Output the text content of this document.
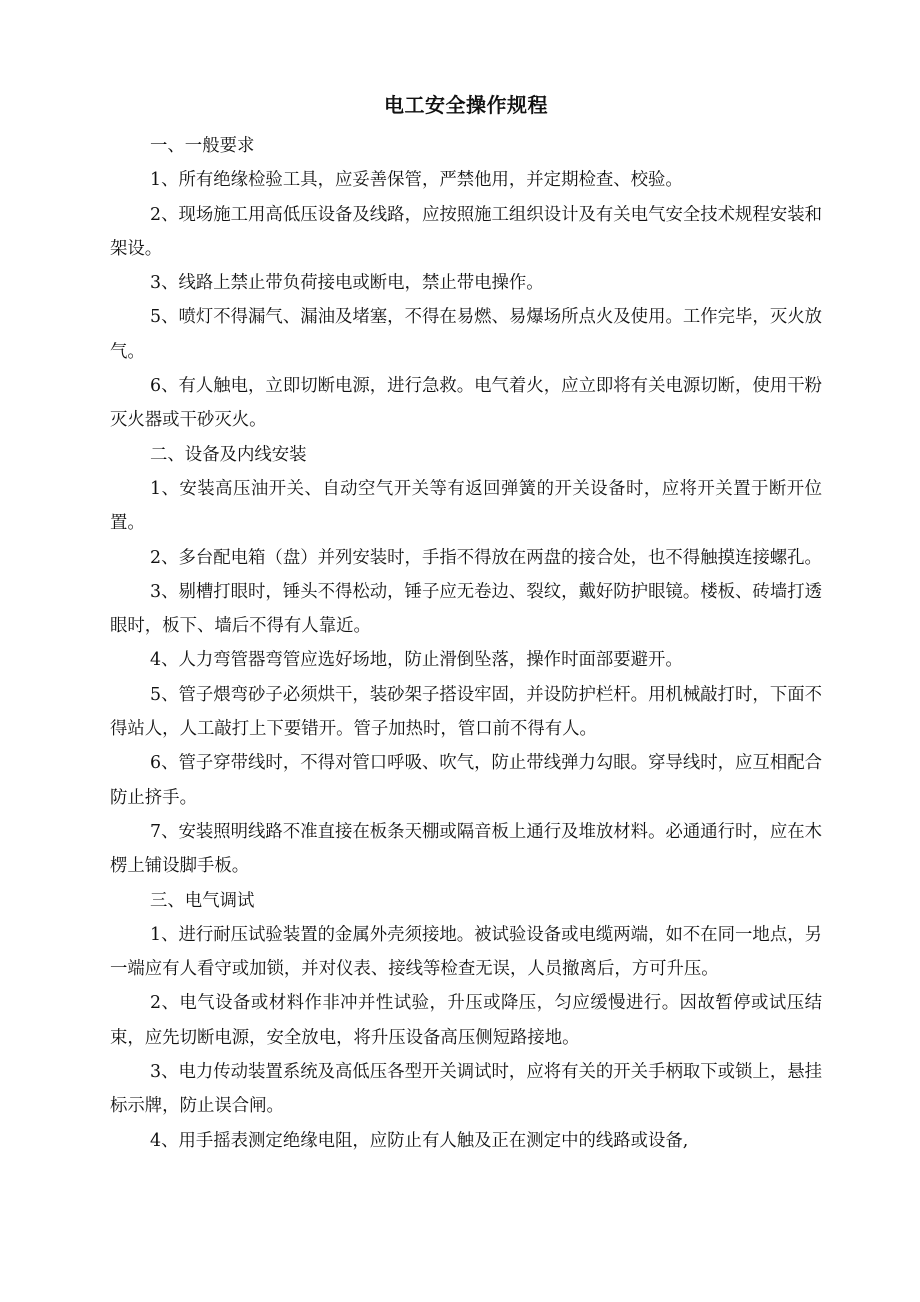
电工安全操作规程

一、一般要求

1、所有绝缘检验工具，应妥善保管，严禁他用，并定期检查、校验。

2、现场施工用高低压设备及线路，应按照施工组织设计及有关电气安全技术规程安装和架设。

3、线路上禁止带负荷接电或断电，禁止带电操作。

5、喷灯不得漏气、漏油及堵塞，不得在易燃、易爆场所点火及使用。工作完毕，灭火放气。

6、有人触电，立即切断电源，进行急救。电气着火，应立即将有关电源切断，使用干粉灭火器或干砂灭火。

二、设备及内线安装

1、安装高压油开关、自动空气开关等有返回弹簧的开关设备时，应将开关置于断开位置。

2、多台配电箱（盘）并列安装时，手指不得放在两盘的接合处，也不得触摸连接螺孔。

3、剔槽打眼时，锤头不得松动，锤子应无卷边、裂纹，戴好防护眼镜。楼板、砖墙打透眼时，板下、墙后不得有人靠近。

4、人力弯管器弯管应选好场地，防止滑倒坠落，操作时面部要避开。

5、管子煨弯砂子必须烘干，装砂架子搭设牢固，并设防护栏杆。用机械敲打时，下面不得站人，人工敲打上下要错开。管子加热时，管口前不得有人。

6、管子穿带线时，不得对管口呼吸、吹气，防止带线弹力勾眼。穿导线时，应互相配合防止挤手。

7、安装照明线路不准直接在板条天棚或隔音板上通行及堆放材料。必通通行时，应在木楞上铺设脚手板。

三、电气调试

1、进行耐压试验装置的金属外壳须接地。被试验设备或电缆两端，如不在同一地点，另一端应有人看守或加锁，并对仪表、接线等检查无误，人员撤离后，方可升压。

2、电气设备或材料作非冲并性试验，升压或降压，匀应缓慢进行。因故暂停或试压结束，应先切断电源，安全放电，将升压设备高压侧短路接地。

3、电力传动装置系统及高低压各型开关调试时，应将有关的开关手柄取下或锁上，悬挂标示牌，防止误合闸。

4、用手摇表测定绝缘电阻，应防止有人触及正在测定中的线路或设备,
